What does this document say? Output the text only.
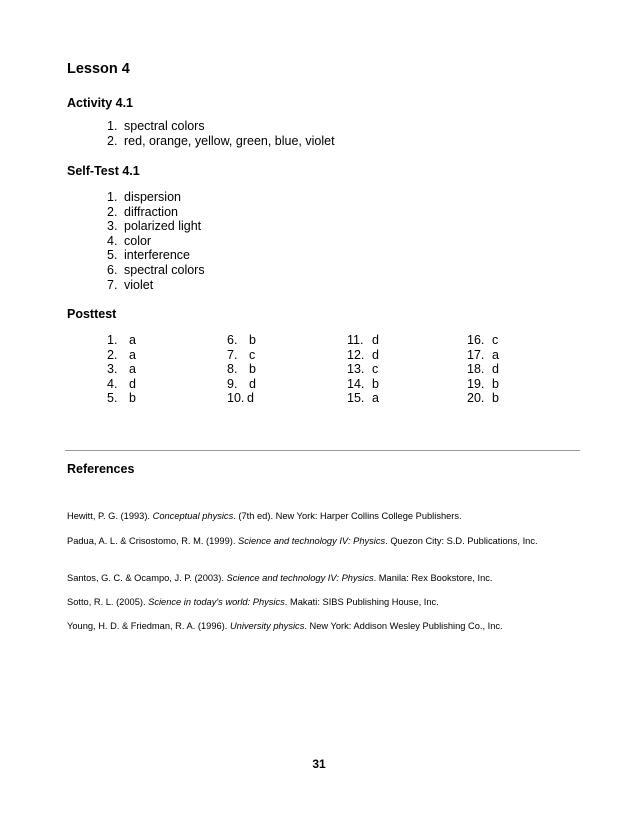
Lesson 4
Activity 4.1
1. spectral colors
2. red, orange, yellow, green, blue, violet
Self-Test 4.1
1. dispersion
2. diffraction
3. polarized light
4. color
5. interference
6. spectral colors
7. violet
Posttest
1. a
2. a
3. a
4. d
5. b
6. b
7. c
8. b
9. d
10. d
11. d
12. d
13. c
14. b
15. a
16. c
17. a
18. d
19. b
20. b
References
Hewitt, P. G. (1993). Conceptual physics. (7th ed). New York: Harper Collins College Publishers.
Padua, A. L. & Crisostomo, R. M. (1999). Science and technology IV: Physics. Quezon City: S.D. Publications, Inc.
Santos, G. C. & Ocampo, J. P. (2003). Science and technology IV: Physics. Manila: Rex Bookstore, Inc.
Sotto, R. L. (2005). Science in today's world: Physics. Makati: SIBS Publishing House, Inc.
Young, H. D. & Friedman, R. A. (1996). University physics. New York: Addison Wesley Publishing Co., Inc.
31
